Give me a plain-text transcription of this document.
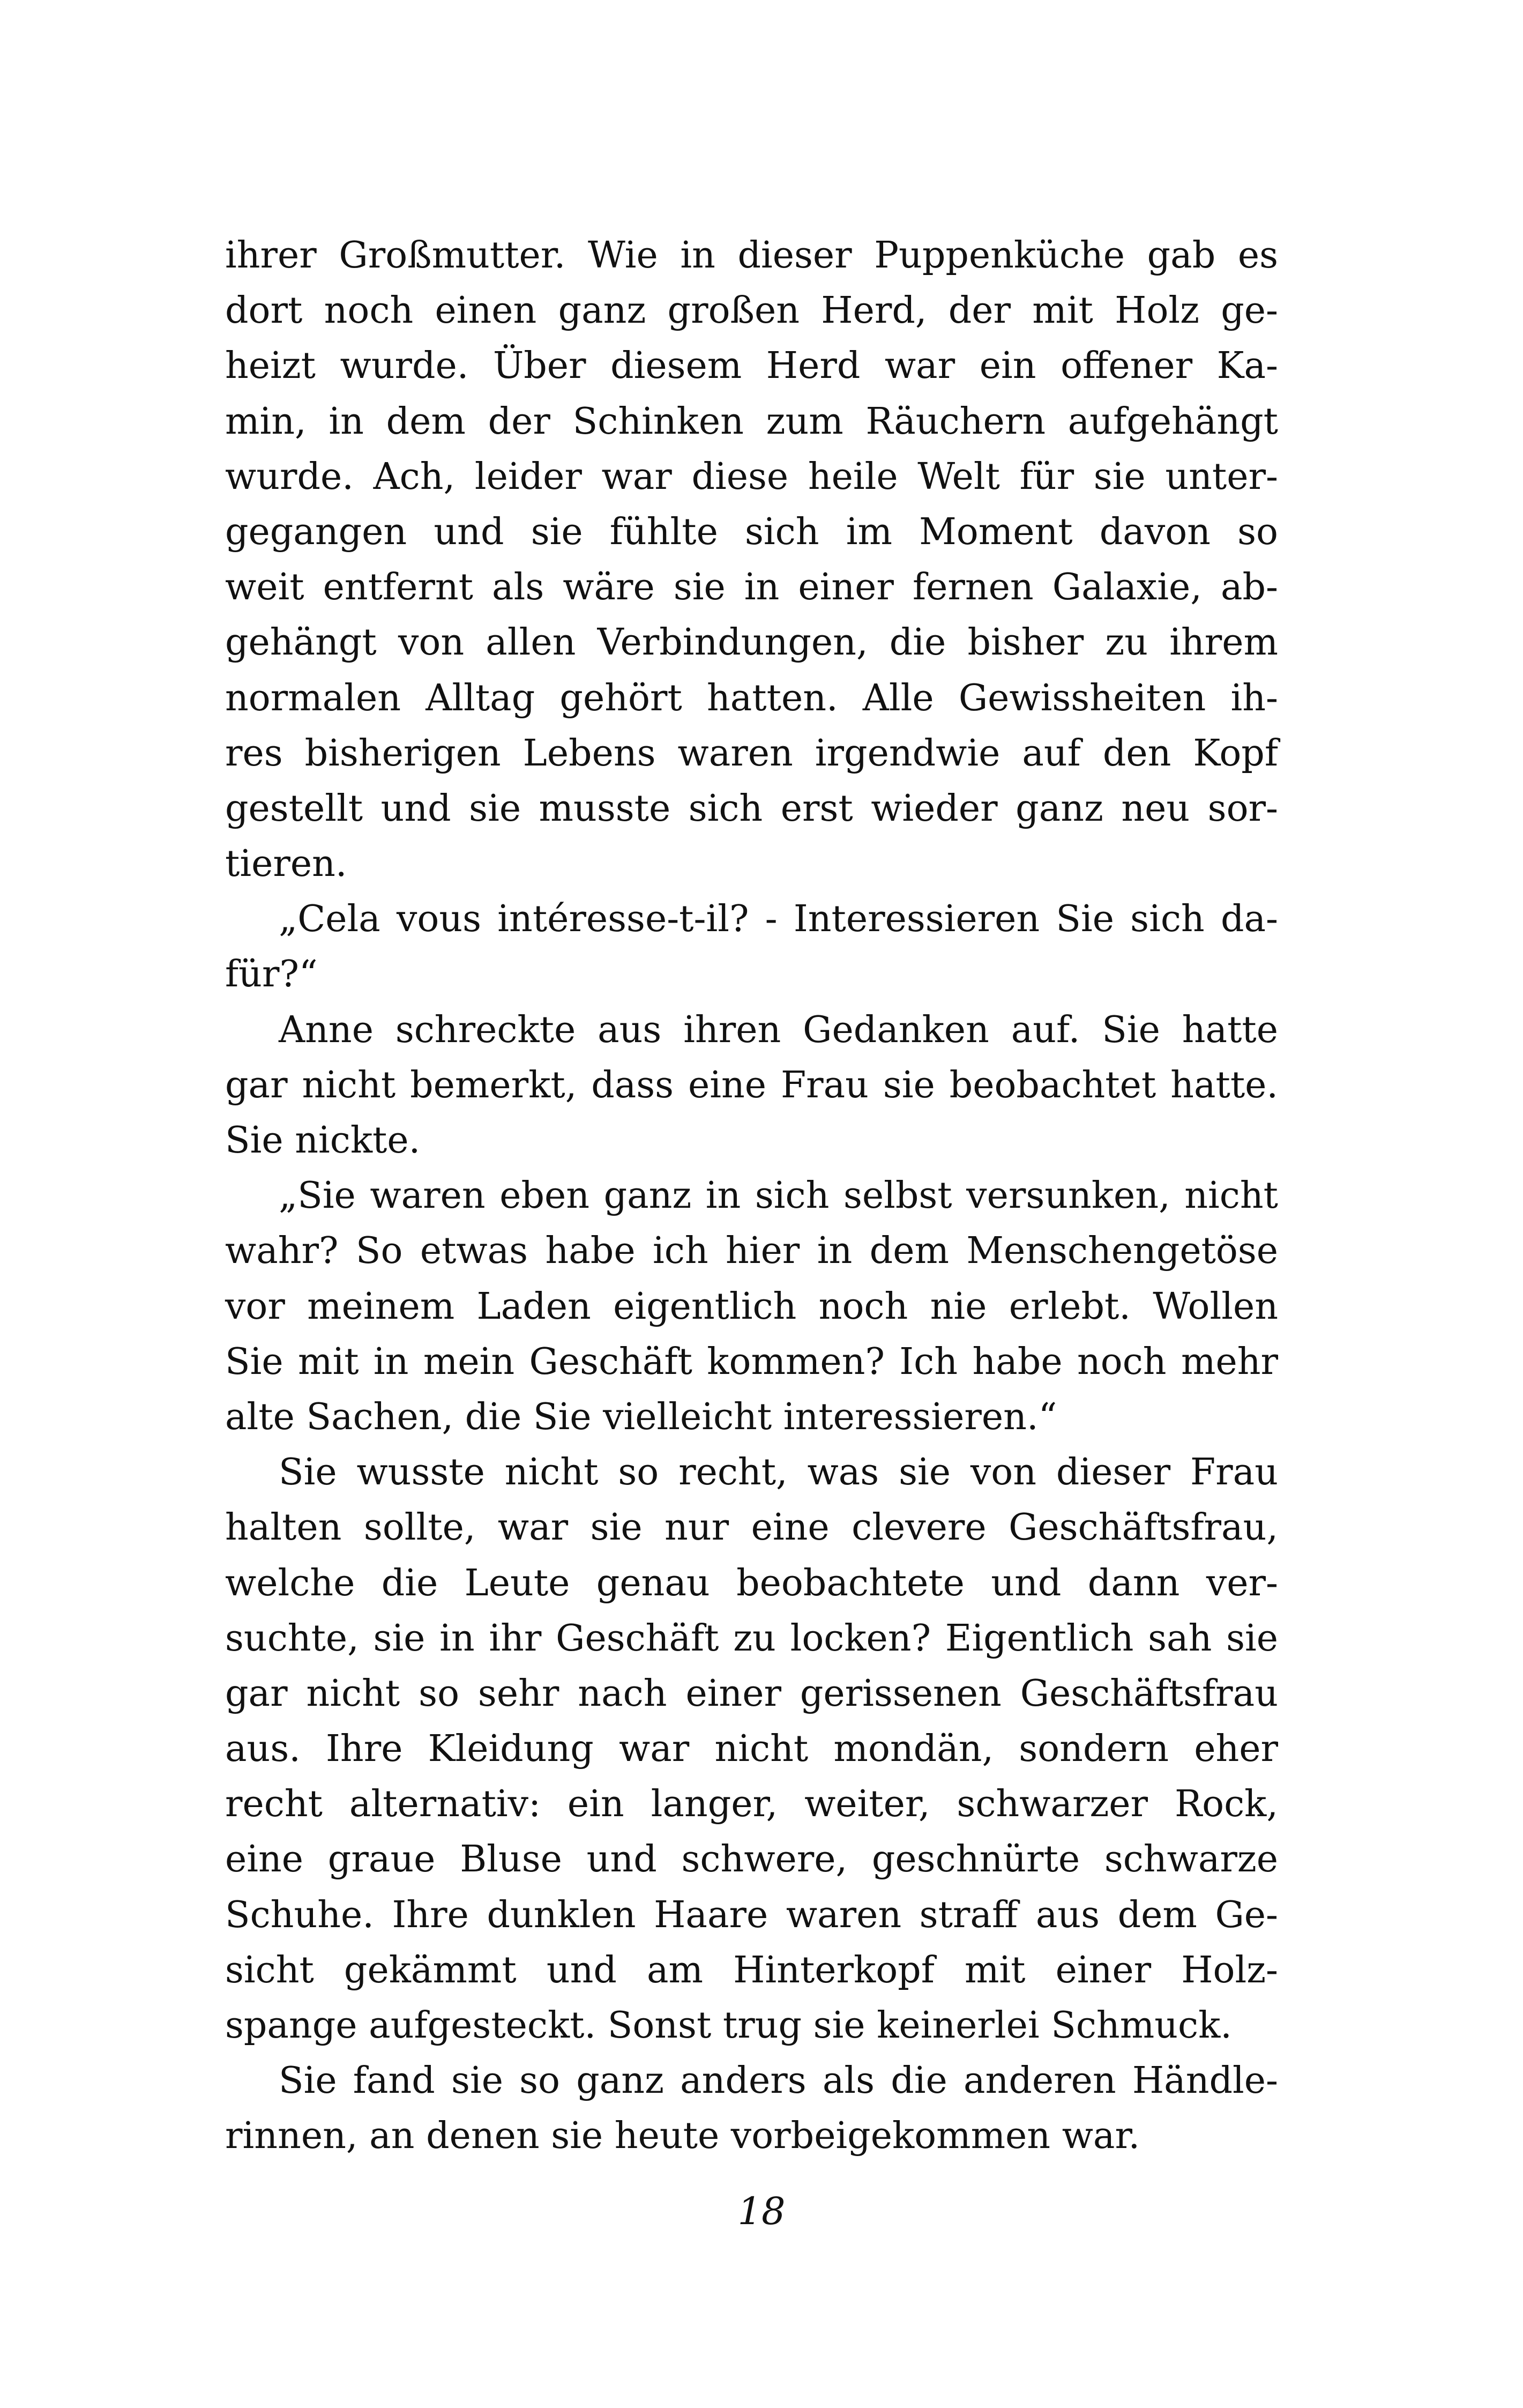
ihrer Großmutter. Wie in dieser Puppenküche gab es
dort noch einen ganz großen Herd, der mit Holz ge-
heizt wurde. Über diesem Herd war ein offener Ka-
min, in dem der Schinken zum Räuchern aufgehängt
wurde. Ach, leider war diese heile Welt für sie unter-
gegangen und sie fühlte sich im Moment davon so
weit entfernt als wäre sie in einer fernen Galaxie, ab-
gehängt von allen Verbindungen, die bisher zu ihrem
normalen Alltag gehört hatten. Alle Gewissheiten ih-
res bisherigen Lebens waren irgendwie auf den Kopf
gestellt und sie musste sich erst wieder ganz neu sor-
tieren.
„Cela vous intéresse-t-il? - Interessieren Sie sich da-
für?“
Anne schreckte aus ihren Gedanken auf. Sie hatte
gar nicht bemerkt, dass eine Frau sie beobachtet hatte.
Sie nickte.
„Sie waren eben ganz in sich selbst versunken, nicht
wahr? So etwas habe ich hier in dem Menschengetöse
vor meinem Laden eigentlich noch nie erlebt. Wollen
Sie mit in mein Geschäft kommen? Ich habe noch mehr
alte Sachen, die Sie vielleicht interessieren.“
Sie wusste nicht so recht, was sie von dieser Frau
halten sollte, war sie nur eine clevere Geschäftsfrau,
welche die Leute genau beobachtete und dann ver-
suchte, sie in ihr Geschäft zu locken? Eigentlich sah sie
gar nicht so sehr nach einer gerissenen Geschäftsfrau
aus. Ihre Kleidung war nicht mondän, sondern eher
recht alternativ: ein langer, weiter, schwarzer Rock,
eine graue Bluse und schwere, geschnürte schwarze
Schuhe. Ihre dunklen Haare waren straff aus dem Ge-
sicht gekämmt und am Hinterkopf mit einer Holz-
spange aufgesteckt. Sonst trug sie keinerlei Schmuck.
Sie fand sie so ganz anders als die anderen Händle-
rinnen, an denen sie heute vorbeigekommen war.
18
